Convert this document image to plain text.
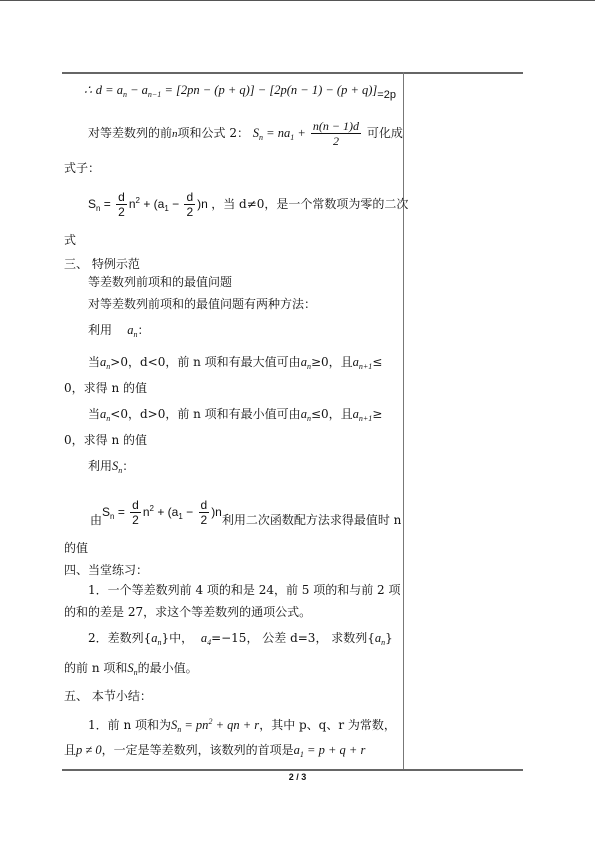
∴ $d = a_n - a_{n-1} = [2pn - (p + q)] - [2p(n - 1) - (p + q)]=2p$
对等差数列的前n项和公式 2： $S_n = na_1 + \frac{n(n - 1)d}{2}$ 可化成
式子：
$S_n = \frac{d}{2} n^2 + (a_1 - \frac{d}{2} )n$ ，当 d≠0，是一个常数项为零的二次
式
三、 特例示范
等差数列前项和的最值问题
对等差数列前项和的最值问题有两种方法：
利用 $a_n$：
当$a_n>0$，d<0，前 n 项和有最大值可由$a_n\ge 0$，且$a_{n+1}\le$
0，求得 n 的值
当$a_n<0$，d>0，前 n 项和有最小值可由$a_n\le 0$，且$a_{n+1}\ge$
0，求得 n 的值
利用$S_n$：
由$S_n = \frac{d}{2} n^2 + (a_1 - \frac{d}{2} )n$利用二次函数配方法求得最值时 n
的值
四、当堂练习：
1．一个等差数列前 4 项的和是 24，前 5 项的和与前 2 项
的和的差是 27，求这个等差数列的通项公式。
2．差数列$\{a_n\}$中， $a_4=-15$， 公差 d=3， 求数列$\{a_n\}$
的前 n 项和$S_n$的最小值。
五、 本节小结：
1．前 n 项和为$S_n = pn^2$ + qn + r，其中 p、q、r 为常数，
且p ≠ 0，一定是等差数列，该数列的首项是$a_1 = p + q + r$
2 / 3
